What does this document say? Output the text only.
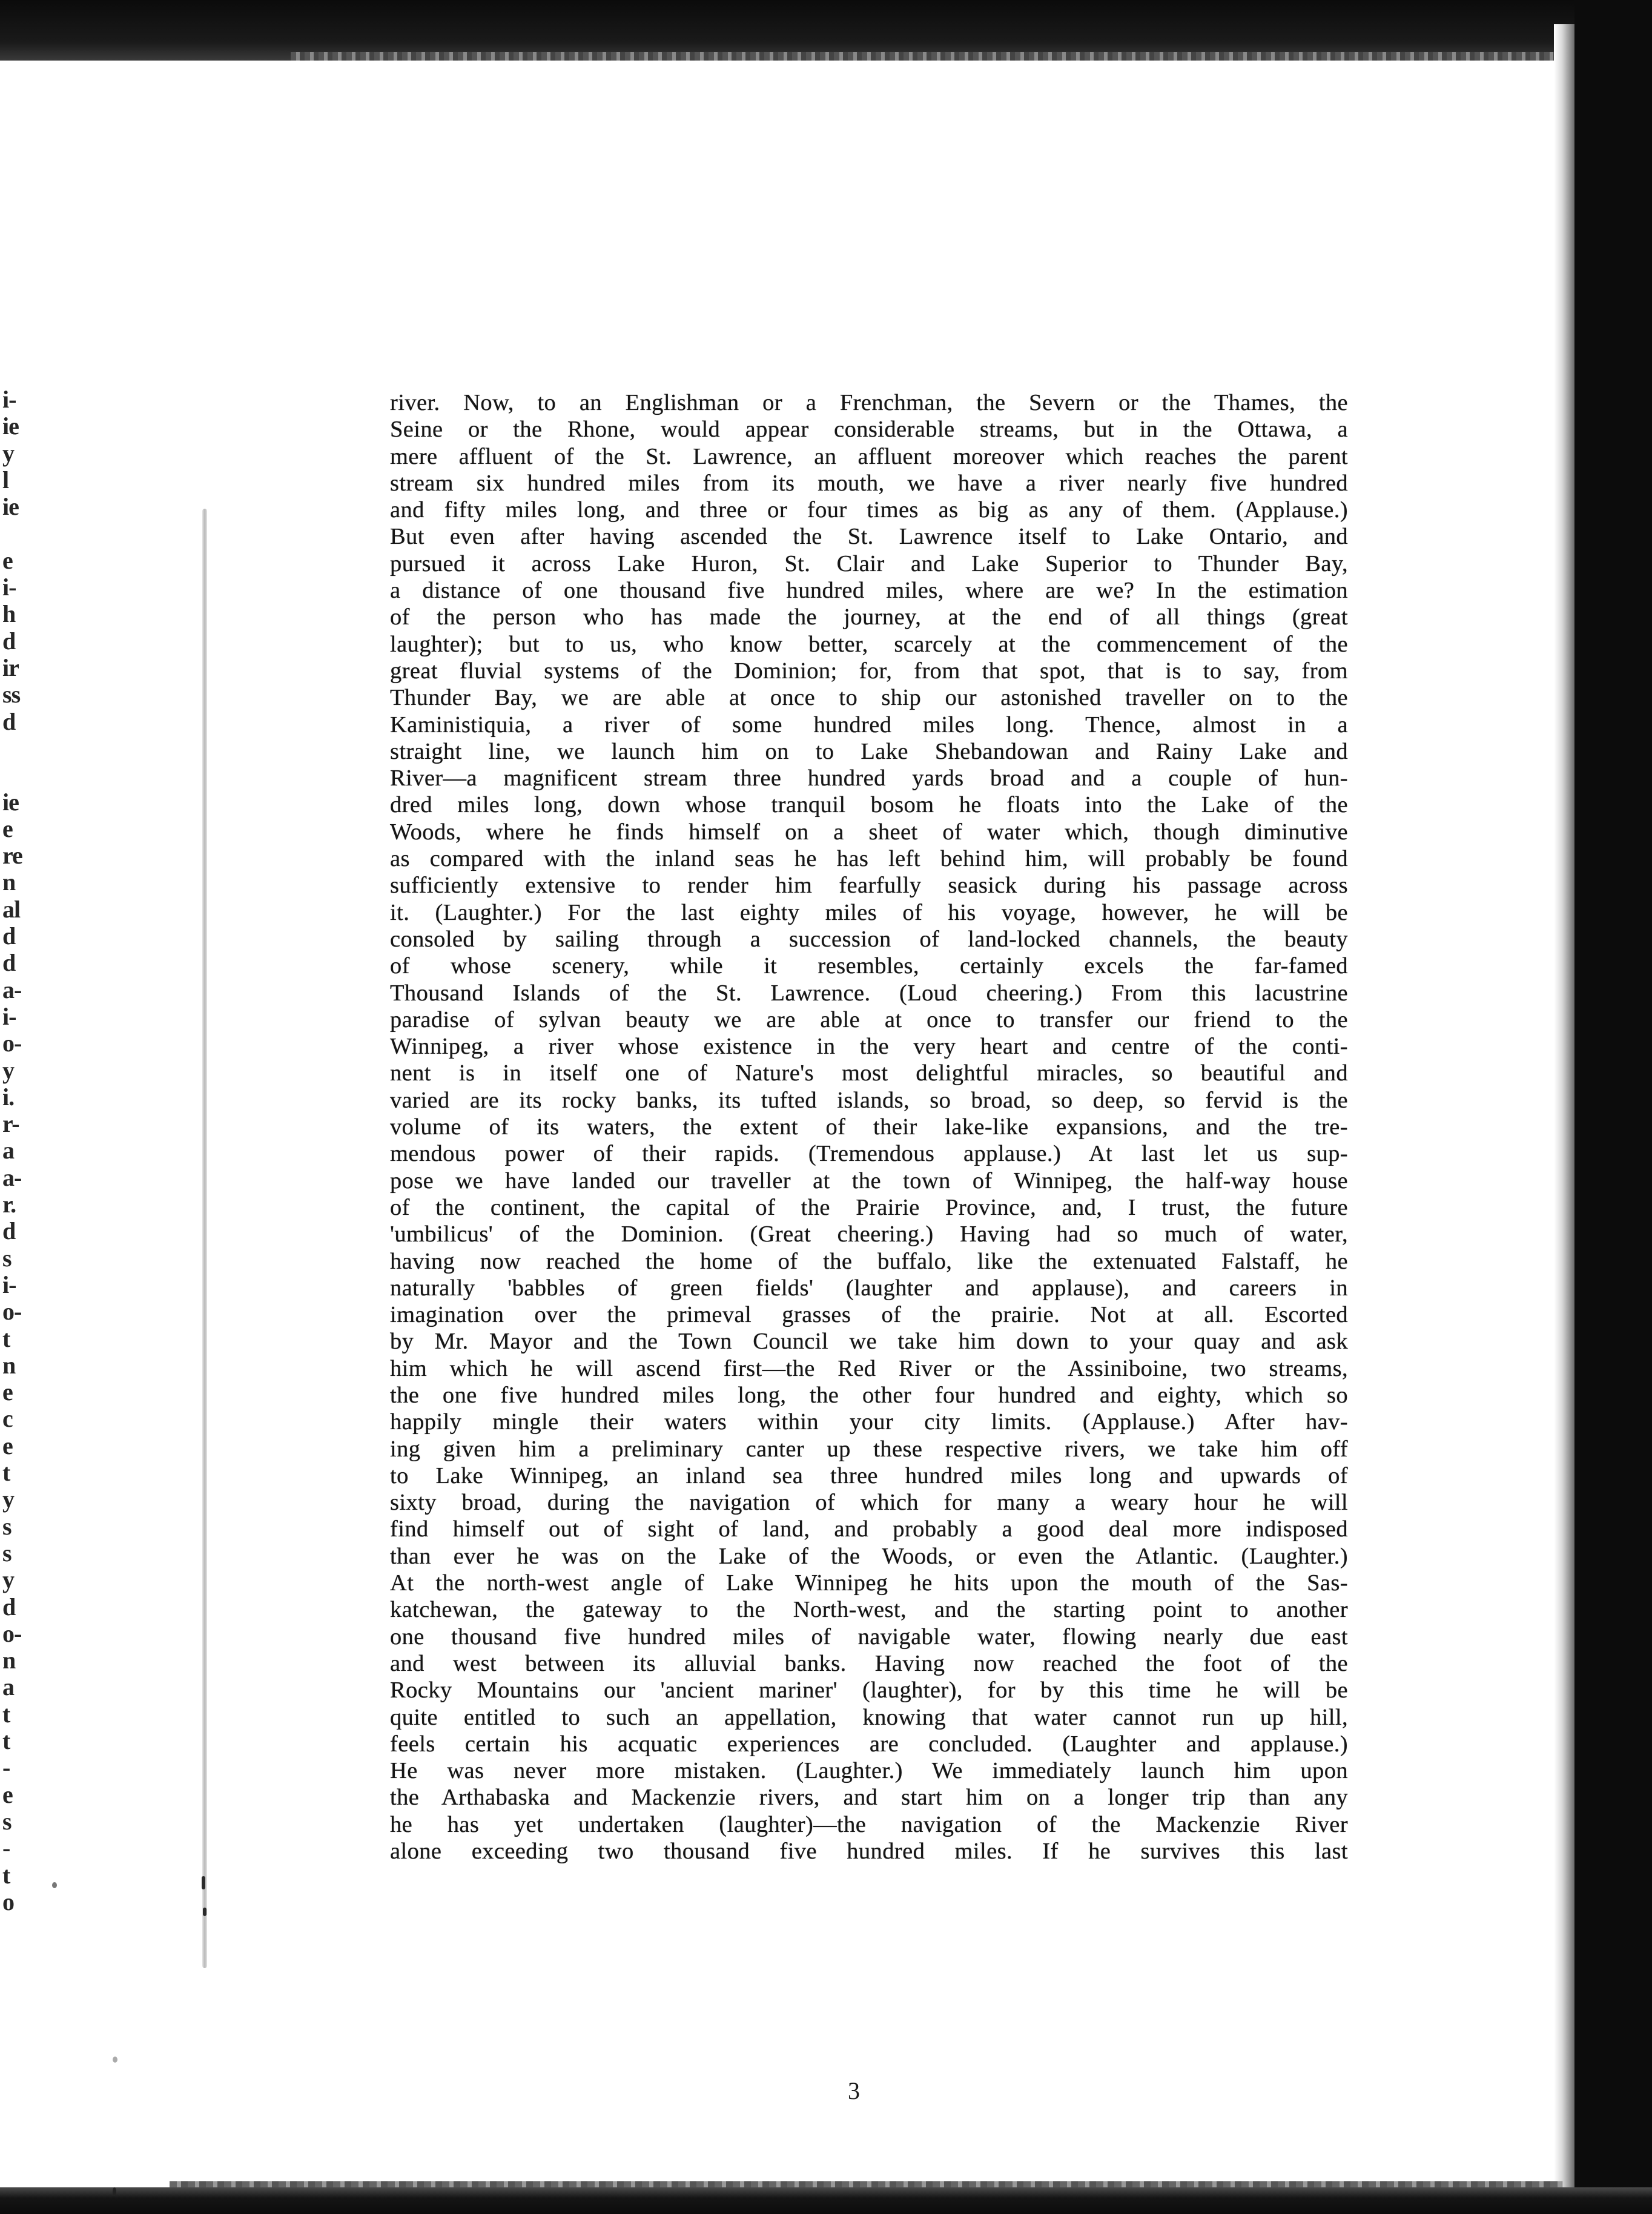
i-
ie
y
l
ie
e
i-
h
d
ir
ss
d
ie
e
re
n
al
d
d
a-
i-
o-
y
i.
r-
a
a-
r.
d
s
i-
o-
t
n
e
c
e
t
y
s
s
y
d
o-
n
a
t
t
-
e
s
-
t
o
river. Now, to an Englishman or a Frenchman, the Severn or the Thames, the
Seine or the Rhone, would appear considerable streams, but in the Ottawa, a
mere affluent of the St. Lawrence, an affluent moreover which reaches the parent
stream six hundred miles from its mouth, we have a river nearly five hundred
and fifty miles long, and three or four times as big as any of them. (Applause.)
But even after having ascended the St. Lawrence itself to Lake Ontario, and
pursued it across Lake Huron, St. Clair and Lake Superior to Thunder Bay,
a distance of one thousand five hundred miles, where are we? In the estimation
of the person who has made the journey, at the end of all things (great
laughter); but to us, who know better, scarcely at the commencement of the
great fluvial systems of the Dominion; for, from that spot, that is to say, from
Thunder Bay, we are able at once to ship our astonished traveller on to the
Kaministiquia, a river of some hundred miles long. Thence, almost in a
straight line, we launch him on to Lake Shebandowan and Rainy Lake and
River—a magnificent stream three hundred yards broad and a couple of hun-
dred miles long, down whose tranquil bosom he floats into the Lake of the
Woods, where he finds himself on a sheet of water which, though diminutive
as compared with the inland seas he has left behind him, will probably be found
sufficiently extensive to render him fearfully seasick during his passage across
it. (Laughter.) For the last eighty miles of his voyage, however, he will be
consoled by sailing through a succession of land-locked channels, the beauty
of whose scenery, while it resembles, certainly excels the far-famed
Thousand Islands of the St. Lawrence. (Loud cheering.) From this lacustrine
paradise of sylvan beauty we are able at once to transfer our friend to the
Winnipeg, a river whose existence in the very heart and centre of the conti-
nent is in itself one of Nature's most delightful miracles, so beautiful and
varied are its rocky banks, its tufted islands, so broad, so deep, so fervid is the
volume of its waters, the extent of their lake-like expansions, and the tre-
mendous power of their rapids. (Tremendous applause.) At last let us sup-
pose we have landed our traveller at the town of Winnipeg, the half-way house
of the continent, the capital of the Prairie Province, and, I trust, the future
'umbilicus' of the Dominion. (Great cheering.) Having had so much of water,
having now reached the home of the buffalo, like the extenuated Falstaff, he
naturally 'babbles of green fields' (laughter and applause), and careers in
imagination over the primeval grasses of the prairie. Not at all. Escorted
by Mr. Mayor and the Town Council we take him down to your quay and ask
him which he will ascend first—the Red River or the Assiniboine, two streams,
the one five hundred miles long, the other four hundred and eighty, which so
happily mingle their waters within your city limits. (Applause.) After hav-
ing given him a preliminary canter up these respective rivers, we take him off
to Lake Winnipeg, an inland sea three hundred miles long and upwards of
sixty broad, during the navigation of which for many a weary hour he will
find himself out of sight of land, and probably a good deal more indisposed
than ever he was on the Lake of the Woods, or even the Atlantic. (Laughter.)
At the north-west angle of Lake Winnipeg he hits upon the mouth of the Sas-
katchewan, the gateway to the North-west, and the starting point to another
one thousand five hundred miles of navigable water, flowing nearly due east
and west between its alluvial banks. Having now reached the foot of the
Rocky Mountains our 'ancient mariner' (laughter), for by this time he will be
quite entitled to such an appellation, knowing that water cannot run up hill,
feels certain his acquatic experiences are concluded. (Laughter and applause.)
He was never more mistaken. (Laughter.) We immediately launch him upon
the Arthabaska and Mackenzie rivers, and start him on a longer trip than any
he has yet undertaken (laughter)—the navigation of the Mackenzie River
alone exceeding two thousand five hundred miles. If he survives this last
3
